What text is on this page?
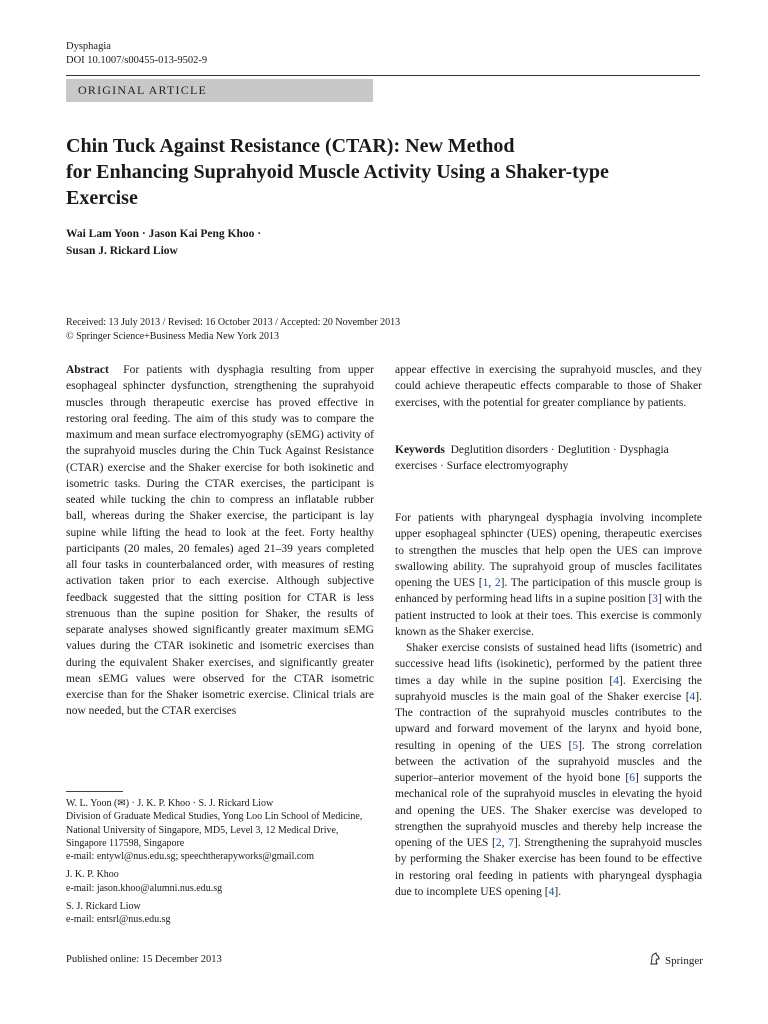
Dysphagia
DOI 10.1007/s00455-013-9502-9
ORIGINAL ARTICLE
Chin Tuck Against Resistance (CTAR): New Method
for Enhancing Suprahyoid Muscle Activity Using a Shaker-type
Exercise
Wai Lam Yoon · Jason Kai Peng Khoo ·
Susan J. Rickard Liow
Received: 13 July 2013 / Revised: 16 October 2013 / Accepted: 20 November 2013
© Springer Science+Business Media New York 2013
Abstract For patients with dysphagia resulting from upper esophageal sphincter dysfunction, strengthening the suprahyoid muscles through therapeutic exercise has proved effective in restoring oral feeding. The aim of this study was to compare the maximum and mean surface electromyography (sEMG) activity of the suprahyoid muscles during the Chin Tuck Against Resistance (CTAR) exercise and the Shaker exercise for both isokinetic and isometric tasks. During the CTAR exercises, the participant is seated while tucking the chin to compress an inflatable rubber ball, whereas during the Shaker exercise, the participant is lay supine while lifting the head to look at the feet. Forty healthy participants (20 males, 20 females) aged 21–39 years completed all four tasks in counterbalanced order, with measures of resting activation taken prior to each exercise. Although subjective feedback suggested that the sitting position for CTAR is less strenuous than the supine position for Shaker, the results of separate analyses showed significantly greater maximum sEMG values during the CTAR isokinetic and isometric exercises than during the equivalent Shaker exercises, and significantly greater mean sEMG values were observed for the CTAR isometric exercise than for the Shaker isometric exercise. Clinical trials are now needed, but the CTAR exercises
appear effective in exercising the suprahyoid muscles, and they could achieve therapeutic effects comparable to those of Shaker exercises, with the potential for greater compliance by patients.
Keywords Deglutition disorders · Deglutition · Dysphagia exercises · Surface electromyography

For patients with pharyngeal dysphagia involving incomplete upper esophageal sphincter (UES) opening, therapeutic exercises to strengthen the muscles that help open the UES can improve swallowing ability. The suprahyoid group of muscles facilitates opening the UES [1, 2]. The participation of this muscle group is enhanced by performing head lifts in a supine position [3] with the patient instructed to look at their toes. This exercise is commonly known as the Shaker exercise.

Shaker exercise consists of sustained head lifts (isometric) and successive head lifts (isokinetic), performed by the patient three times a day while in the supine position [4]. Exercising the suprahyoid muscles is the main goal of the Shaker exercise [4]. The contraction of the suprahyoid muscles contributes to the upward and forward movement of the larynx and hyoid bone, resulting in opening of the UES [5]. The strong correlation between the activation of the suprahyoid muscles and the superior–anterior movement of the hyoid bone [6] supports the mechanical role of the suprahyoid muscles in elevating the hyoid and opening the UES. The Shaker exercise was developed to strengthen the suprahyoid muscles and thereby help increase the opening of the UES [2, 7]. Strengthening the suprahyoid muscles by performing the Shaker exercise has been found to be effective in restoring oral feeding in patients with pharyngeal dysphagia due to incomplete UES opening [4].

W. L. Yoon (✉) · J. K. P. Khoo · S. J. Rickard Liow
Division of Graduate Medical Studies, Yong Loo Lin School of Medicine, National University of Singapore, MD5, Level 3, 12 Medical Drive, Singapore 117598, Singapore
e-mail: entywl@nus.edu.sg; speechtherapyworks@gmail.com

J. K. P. Khoo
e-mail: jason.khoo@alumni.nus.edu.sg

S. J. Rickard Liow
e-mail: entsrl@nus.edu.sg

Published online: 15 December 2013	Springer
